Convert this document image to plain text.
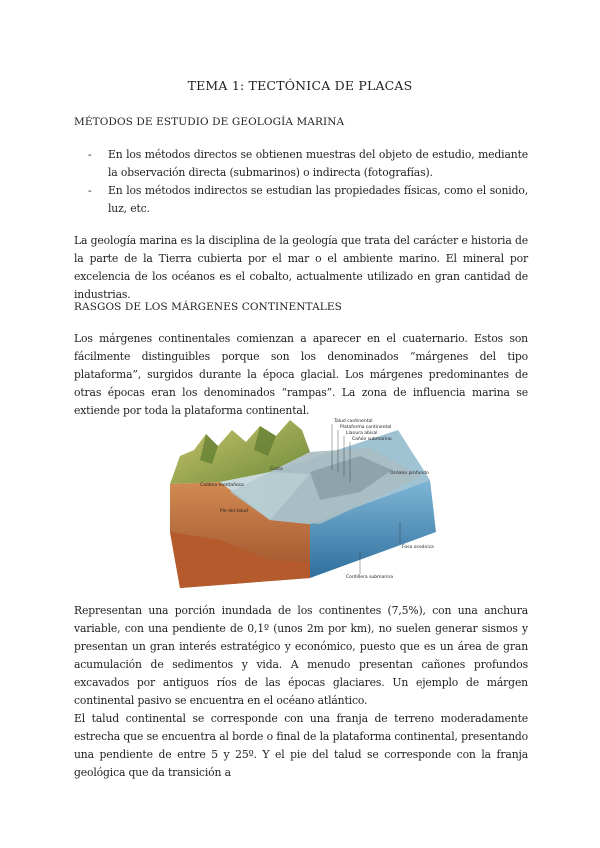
TEMA 1: TECTÓNICA DE PLACAS
MÉTODOS DE ESTUDIO DE GEOLOGÍA MARINA
- En los métodos directos se obtienen muestras del objeto de estudio, mediante la observación directa (submarinos) o indirecta (fotografías).
- En los métodos indirectos se estudian las propiedades físicas, como el sonido, luz, etc.
La geología marina es la disciplina de la geología que trata del carácter e historia de la parte de la Tierra cubierta por el mar o el ambiente marino. El mineral por excelencia de los océanos es el cobalto, actualmente utilizado en gran cantidad de industrias.
RASGOS DE LOS MÁRGENES CONTINENTALES
Los márgenes continentales comienzan a aparecer en el cuaternario. Estos son fácilmente distinguibles porque son los denominados “márgenes del tipo plataforma”, surgidos durante la época glacial. Los márgenes predominantes de otras épocas eran los denominados “rampas”. La zona de influencia marina se extiende por toda la plataforma continental.
Talud continental
Plataforma continental
Llanura abisal
Cañón submarino
Cadena montañosa
Costa
Océano profundo
Fosa oceánica
Pie del talud
Cordillera submarina
Representan una porción inundada de los continentes (7,5%), con una anchura variable, con una pendiente de 0,1º (unos 2m por km), no suelen generar sismos y presentan un gran interés estratégico y económico, puesto que es un área de gran acumulación de sedimentos y vida. A menudo presentan cañones profundos excavados por antiguos ríos de las épocas glaciares. Un ejemplo de márgen continental pasivo se encuentra en el océano atlántico.
El talud continental se corresponde con una franja de terreno moderadamente estrecha que se encuentra al borde o final de la plataforma continental, presentando una pendiente de entre 5 y 25º. Y el pie del talud se corresponde con la franja geológica que da transición a
